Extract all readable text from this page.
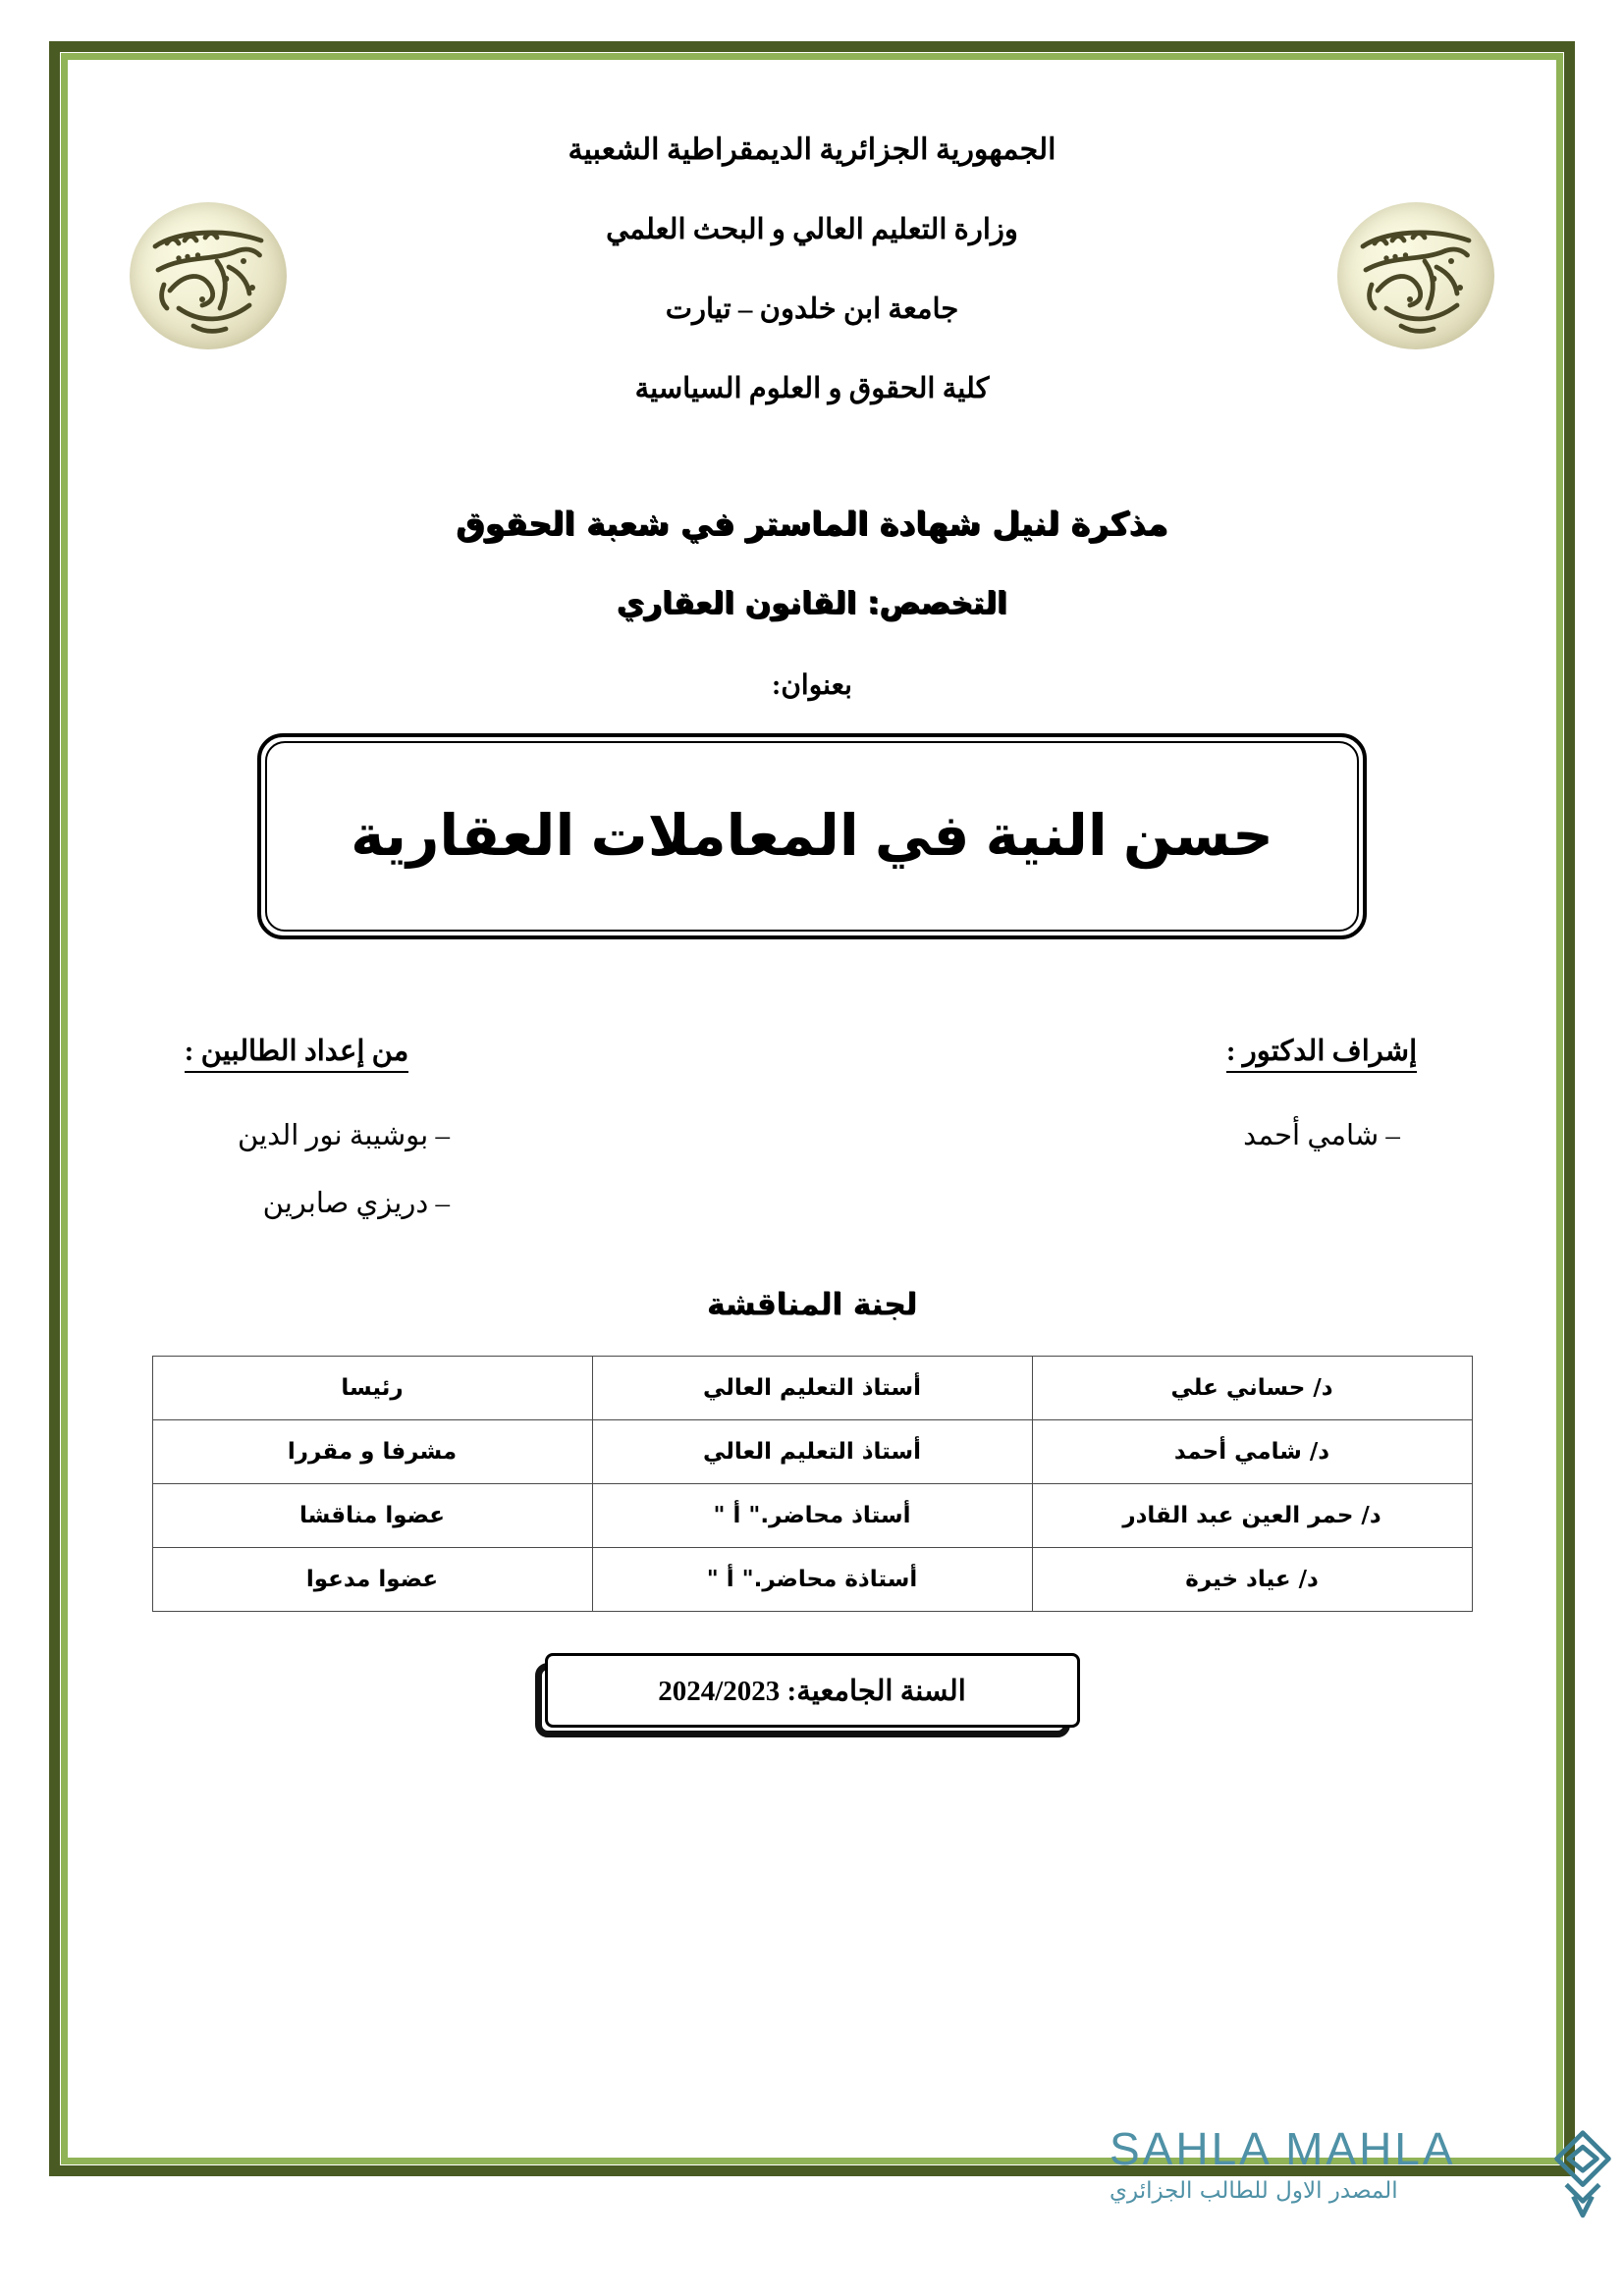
الجمهورية الجزائرية الديمقراطية الشعبية
وزارة التعليم العالي و البحث العلمي
جامعة ابن خلدون – تيارت
كلية الحقوق و العلوم السياسية
مذكرة لنيل شهادة الماستر في شعبة الحقوق
التخصص: القانون العقاري
بعنوان:
حسن النية في المعاملات العقارية
إشراف الدكتور :
– شامي أحمد
من إعداد الطالبين :
– بوشيبة نور الدين
– دريزي صابرين
لجنة المناقشة
د/ حساني علي	أستاذ التعليم العالي	رئيسا
د/ شامي أحمد	أستاذ التعليم العالي	مشرفا و مقررا
د/ حمر العين عبد القادر	أستاذ محاضر." أ "	عضوا مناقشا
د/ عياد خيرة	أستاذة محاضر." أ "	عضوا مدعوا
السنة الجامعية: 2024/2023
SAHLA MAHLA
المصدر الاول للطالب الجزائري
